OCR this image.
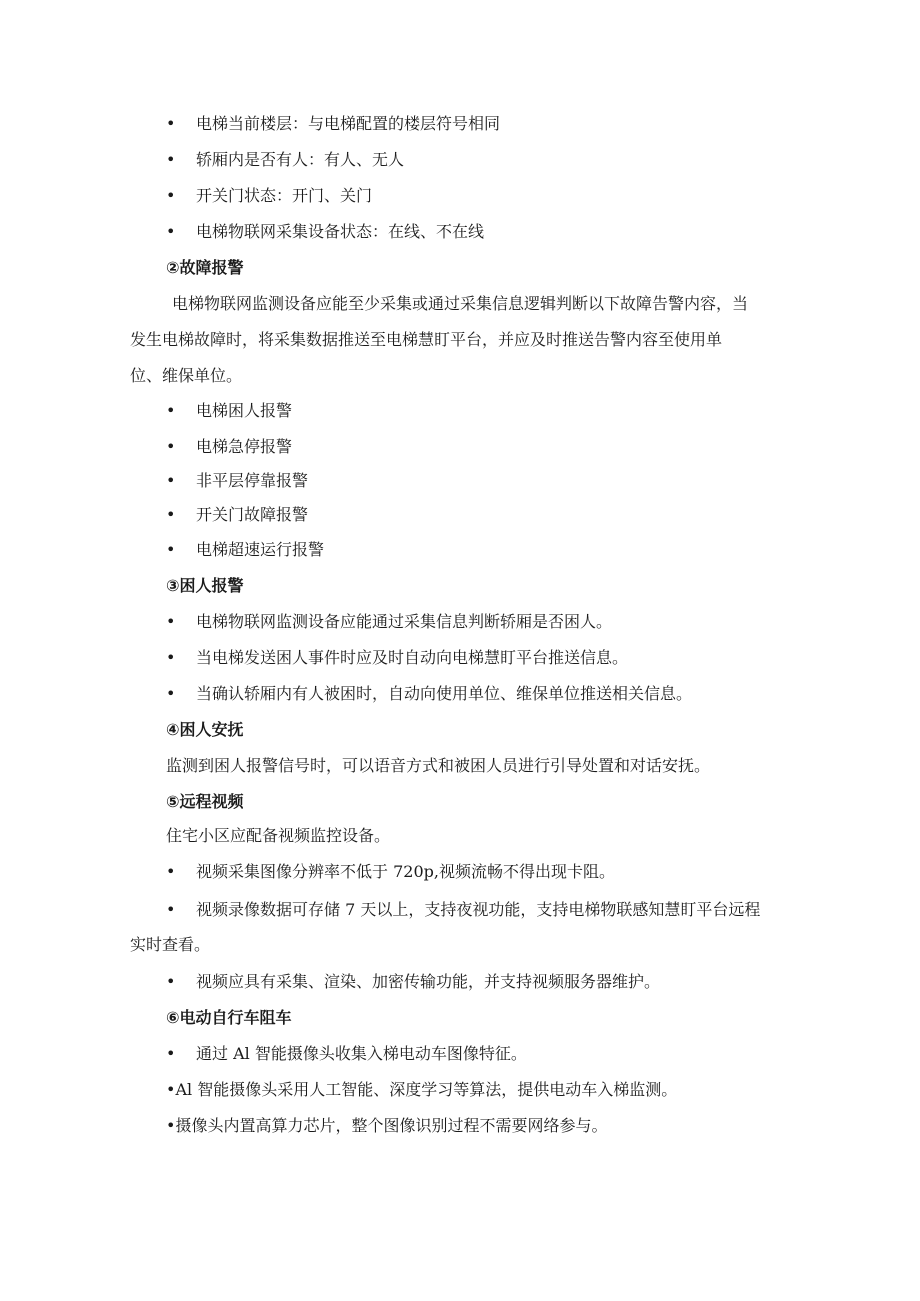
• 电梯当前楼层：与电梯配置的楼层符号相同
• 轿厢内是否有人：有人、无人
• 开关门状态：开门、关门
• 电梯物联网采集设备状态：在线、不在线
②故障报警
电梯物联网监测设备应能至少采集或通过采集信息逻辑判断以下故障告警内容，当
发生电梯故障时，将采集数据推送至电梯慧盯平台，并应及时推送告警内容至使用单
位、维保单位。
• 电梯困人报警
• 电梯急停报警
• 非平层停靠报警
• 开关门故障报警
• 电梯超速运行报警
③困人报警
• 电梯物联网监测设备应能通过采集信息判断轿厢是否困人。
• 当电梯发送困人事件时应及时自动向电梯慧盯平台推送信息。
• 当确认轿厢内有人被困时，自动向使用单位、维保单位推送相关信息。
④困人安抚
监测到困人报警信号时，可以语音方式和被困人员进行引导处置和对话安抚。
⑤远程视频
住宅小区应配备视频监控设备。
• 视频采集图像分辨率不低于 720p,视频流畅不得出现卡阻。
• 视频录像数据可存储 7 天以上，支持夜视功能，支持电梯物联感知慧盯平台远程
实时查看。
• 视频应具有采集、渲染、加密传输功能，并支持视频服务器维护。
⑥电动自行车阻车
• 通过 Al 智能摄像头收集入梯电动车图像特征。
•Al 智能摄像头采用人工智能、深度学习等算法，提供电动车入梯监测。
•摄像头内置高算力芯片，整个图像识别过程不需要网络参与。
